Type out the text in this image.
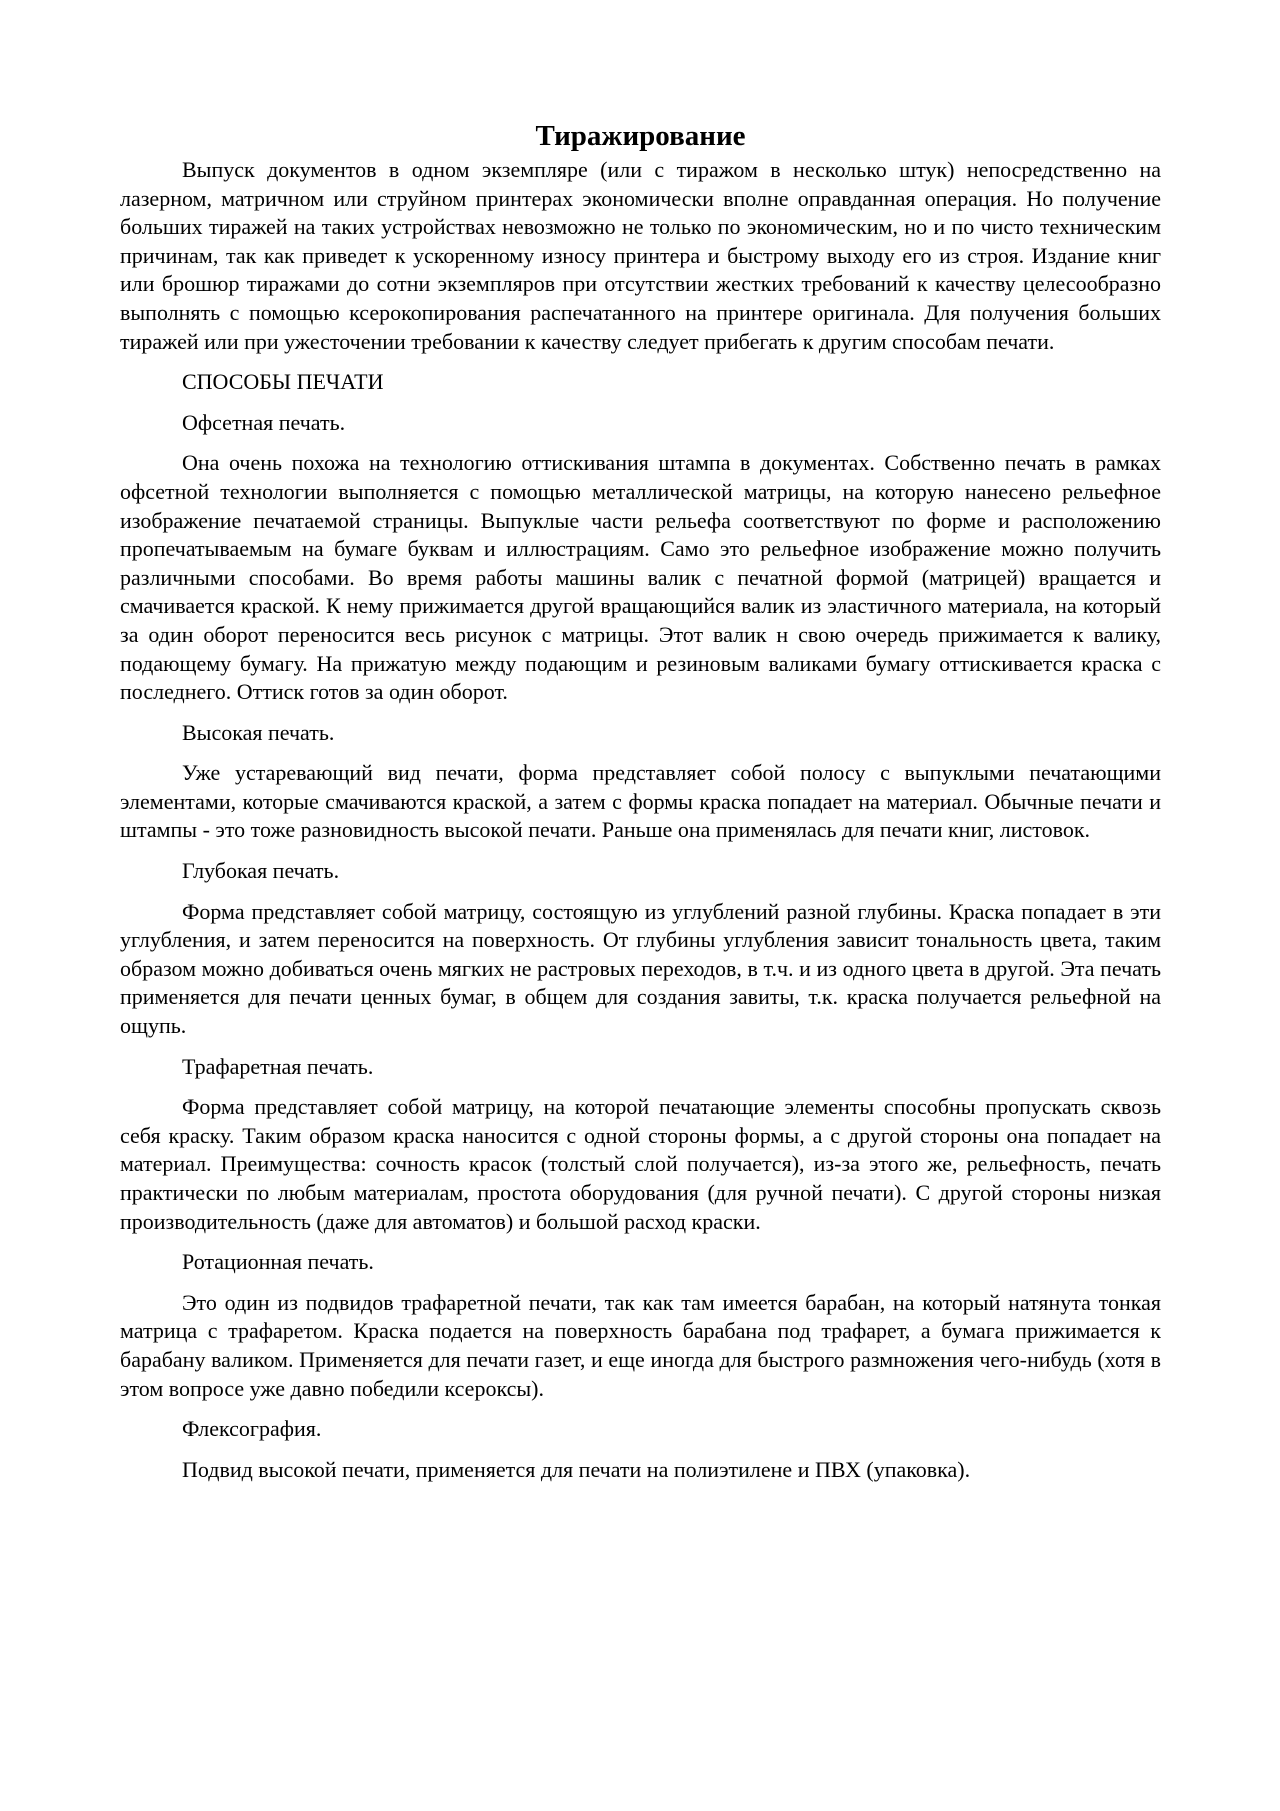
Тиражирование

Выпуск документов в одном экземпляре (или с тиражом в несколько штук) непосредственно на лазерном, матричном или струйном принтерах экономически вполне оправданная операция. Но получение больших тиражей на таких устройствах невозможно не только по экономическим, но и по чисто техническим причинам, так как приведет к ускоренному износу принтера и быстрому выходу его из строя. Издание книг или брошюр тиражами до сотни экземпляров при отсутствии жестких требований к качеству целесообразно выполнять с помощью ксерокопирования распечатанного на принтере оригинала. Для получения больших тиражей или при ужесточении требовании к качеству следует прибегать к другим способам печати.

СПОСОБЫ ПЕЧАТИ

Офсетная печать.

Она очень похожа на технологию оттискивания штампа в документах. Собственно печать в рамках офсетной технологии выполняется с помощью металлической матрицы, на которую нанесено рельефное изображение печатаемой страницы. Выпуклые части рельефа соответствуют по форме и расположению пропечатываемым на бумаге буквам и иллюстрациям. Само это рельефное изображение можно получить различными способами. Во время работы машины валик с печатной формой (матрицей) вращается и смачивается краской. К нему прижимается другой вращающийся валик из эластичного материала, на который за один оборот переносится весь рисунок с матрицы. Этот валик н свою очередь прижимается к валику, подающему бумагу. На прижатую между подающим и резиновым валиками бумагу оттискивается краска с последнего. Оттиск готов за один оборот.

Высокая печать.

Уже устаревающий вид печати, форма представляет собой полосу с выпуклыми печатающими элементами, которые смачиваются краской, а затем с формы краска попадает на материал. Обычные печати и штампы - это тоже разновидность высокой печати. Раньше она применялась для печати книг, листовок.

Глубокая печать.

Форма представляет собой матрицу, состоящую из углублений разной глубины. Краска попадает в эти углубления, и затем переносится на поверхность. От глубины углубления зависит тональность цвета, таким образом можно добиваться очень мягких не растровых переходов, в т.ч. и из одного цвета в другой. Эта печать применяется для печати ценных бумаг, в общем для создания завиты, т.к. краска получается рельефной на ощупь.

Трафаретная печать.

Форма представляет собой матрицу, на которой печатающие элементы способны пропускать сквозь себя краску. Таким образом краска наносится с одной стороны формы, а с другой стороны она попадает на материал. Преимущества: сочность красок (толстый слой получается), из-за этого же, рельефность, печать практически по любым материалам, простота оборудования (для ручной печати). С другой стороны низкая производительность (даже для автоматов) и большой расход краски.

Ротационная печать.

Это один из подвидов трафаретной печати, так как там имеется барабан, на который натянута тонкая матрица с трафаретом. Краска подается на поверхность барабана под трафарет, а бумага прижимается к барабану валиком. Применяется для печати газет, и еще иногда для быстрого размножения чего-нибудь (хотя в этом вопросе уже давно победили ксероксы).

Флексография.

Подвид высокой печати, применяется для печати на полиэтилене и ПВХ (упаковка).
